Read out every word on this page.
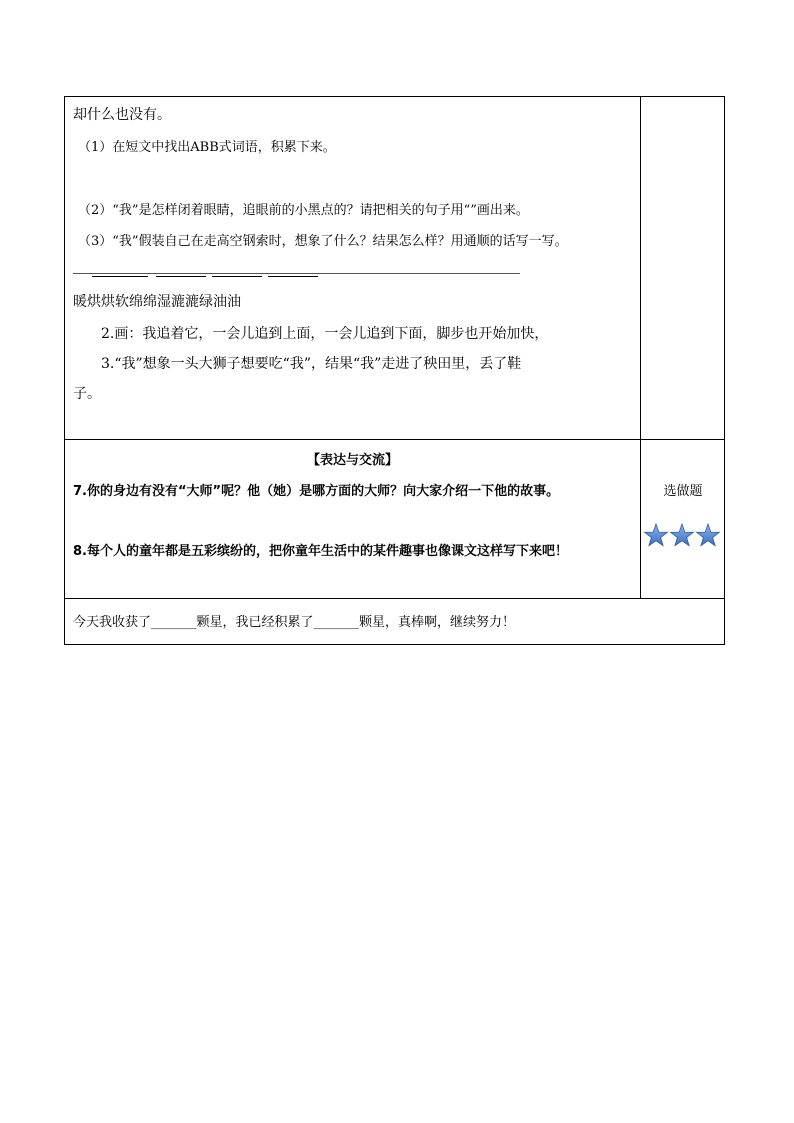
却什么也没有。
（1）在短文中找出ABB式词语，积累下来。
（2）“我”是怎样闭着眼睛，追眼前的小黑点的？请把相关的句子用“”画出来。
（3）“我”假装自己在走高空钢索时，想象了什么？结果怎么样？用通顺的话写一写。
暖烘烘软绵绵湿漉漉绿油油
2.画：我追着它，一会儿追到上面，一会儿追到下面，脚步也开始加快，
3.“我”想象一头大狮子想要吃“我”，结果“我”走进了秧田里，丢了鞋
子。
【表达与交流】
7.你的身边有没有“大师”呢？他（她）是哪方面的大师？向大家介绍一下他的故事。
8.每个人的童年都是五彩缤纷的，把你童年生活中的某件趣事也像课文这样写下来吧！
选做题
今天我收获了_______颗星，我已经积累了_______颗星，真棒啊，继续努力！
